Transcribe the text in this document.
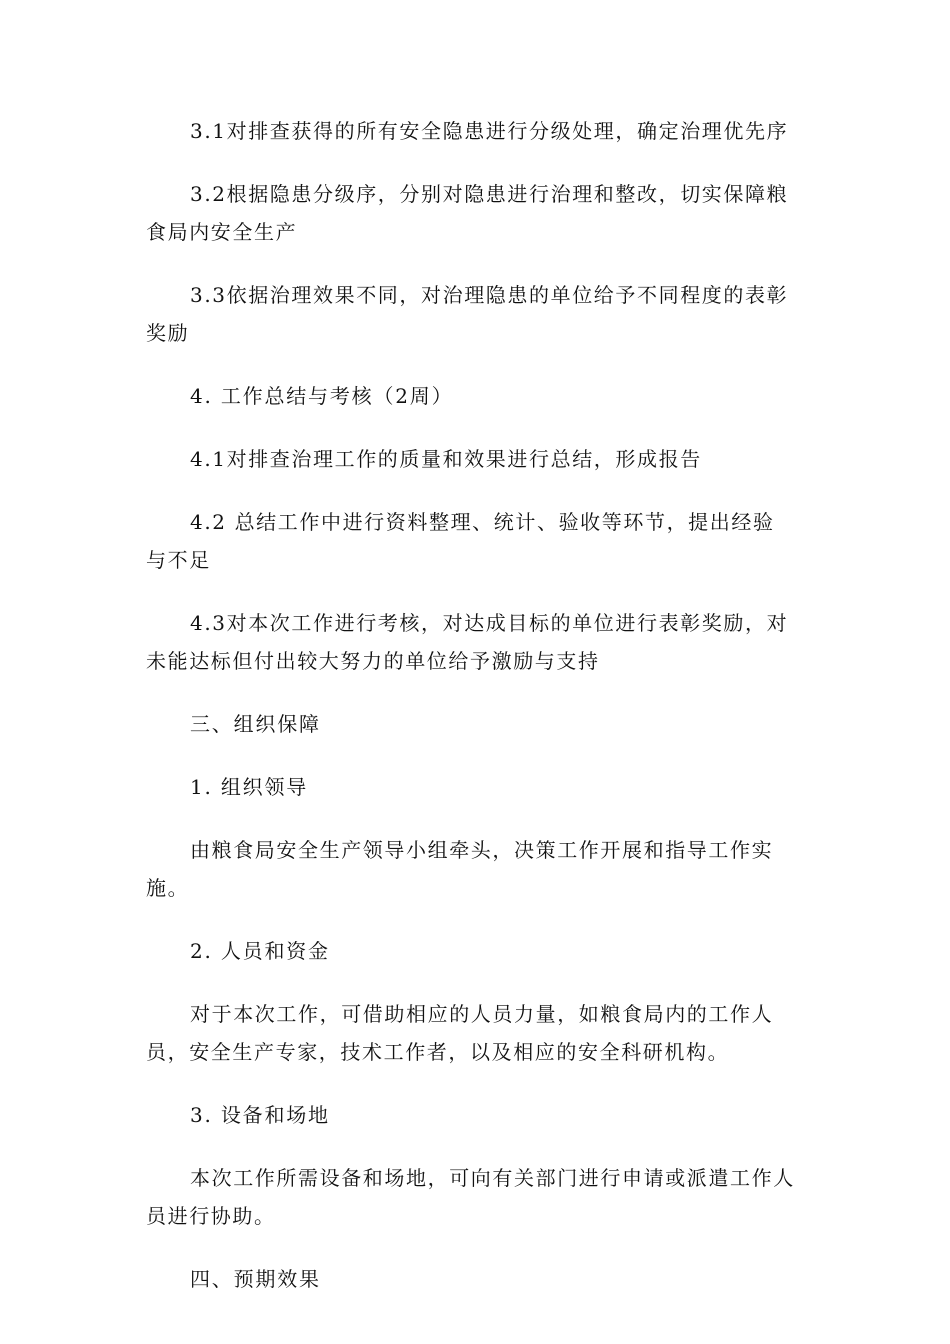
3.1对排查获得的所有安全隐患进行分级处理，确定治理优先序

3.2根据隐患分级序，分别对隐患进行治理和整改，切实保障粮食局内安全生产

3.3依据治理效果不同，对治理隐患的单位给予不同程度的表彰奖励

4. 工作总结与考核（2周）

4.1对排查治理工作的质量和效果进行总结，形成报告

4.2 总结工作中进行资料整理、统计、验收等环节，提出经验与不足

4.3对本次工作进行考核，对达成目标的单位进行表彰奖励，对未能达标但付出较大努力的单位给予激励与支持

三、组织保障

1. 组织领导

由粮食局安全生产领导小组牵头，决策工作开展和指导工作实施。

2. 人员和资金

对于本次工作，可借助相应的人员力量，如粮食局内的工作人员，安全生产专家，技术工作者，以及相应的安全科研机构。

3. 设备和场地

本次工作所需设备和场地，可向有关部门进行申请或派遣工作人员进行协助。

四、预期效果
